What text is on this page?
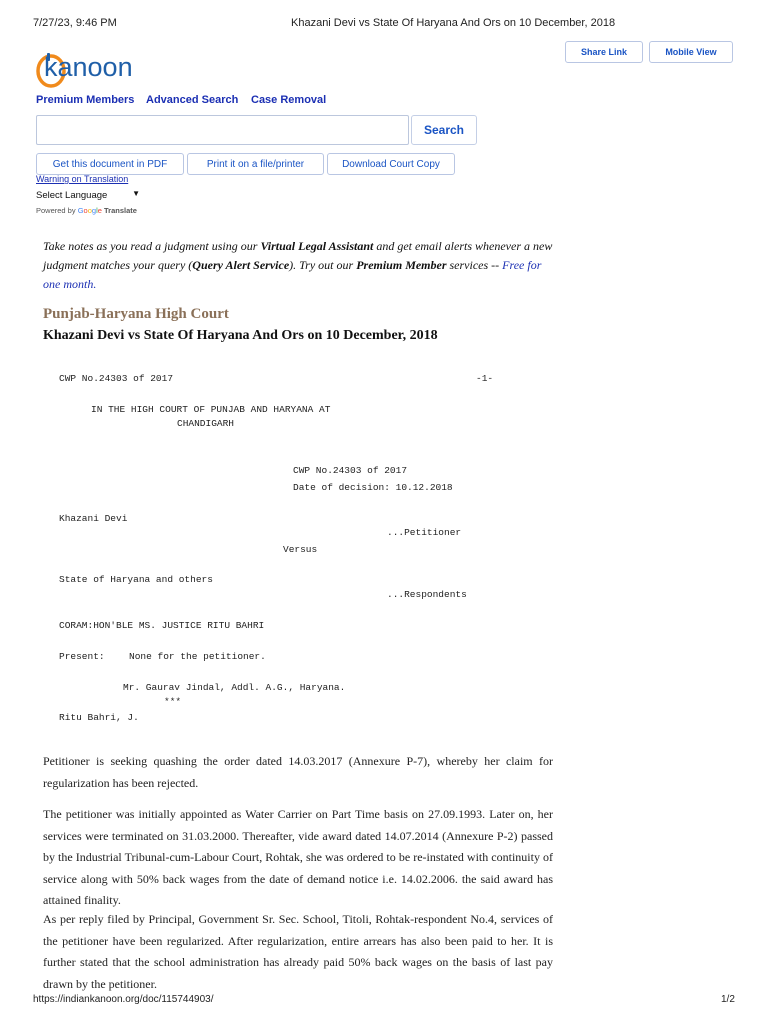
7/27/23, 9:46 PM	Khazani Devi vs State Of Haryana And Ors on 10 December, 2018
Share Link	Mobile View
kanoon
Premium Members Advanced Search Case Removal
Search
Get this document in PDF	Print it on a file/printer	Download Court Copy
Warning on Translation
Select Language	▼
Powered by Google Translate
Take notes as you read a judgment using our Virtual Legal Assistant and get email alerts whenever a new judgment matches your query (Query Alert Service). Try out our Premium Member services -- Free for one month.
Punjab-Haryana High Court
Khazani Devi vs State Of Haryana And Ors on 10 December, 2018
CWP No.24303 of 2017	-1-
IN THE HIGH COURT OF PUNJAB AND HARYANA AT
CHANDIGARH
CWP No.24303 of 2017
Date of decision: 10.12.2018
Khazani Devi
...Petitioner
Versus
State of Haryana and others
...Respondents
CORAM:HON'BLE MS. JUSTICE RITU BAHRI
Present:	None for the petitioner.
Mr. Gaurav Jindal, Addl. A.G., Haryana.
***
Ritu Bahri, J.
Petitioner is seeking quashing the order dated 14.03.2017 (Annexure P-7), whereby her claim for regularization has been rejected.
The petitioner was initially appointed as Water Carrier on Part Time basis on 27.09.1993. Later on, her services were terminated on 31.03.2000. Thereafter, vide award dated 14.07.2014 (Annexure P-2) passed by the Industrial Tribunal-cum-Labour Court, Rohtak, she was ordered to be re-instated with continuity of service along with 50% back wages from the date of demand notice i.e. 14.02.2006. the said award has attained finality.
As per reply filed by Principal, Government Sr. Sec. School, Titoli, Rohtak-respondent No.4, services of the petitioner have been regularized. After regularization, entire arrears has also been paid to her. It is further stated that the school administration has already paid 50% back wages on the basis of last pay drawn by the petitioner.
https://indiankanoon.org/doc/115744903/	1/2
